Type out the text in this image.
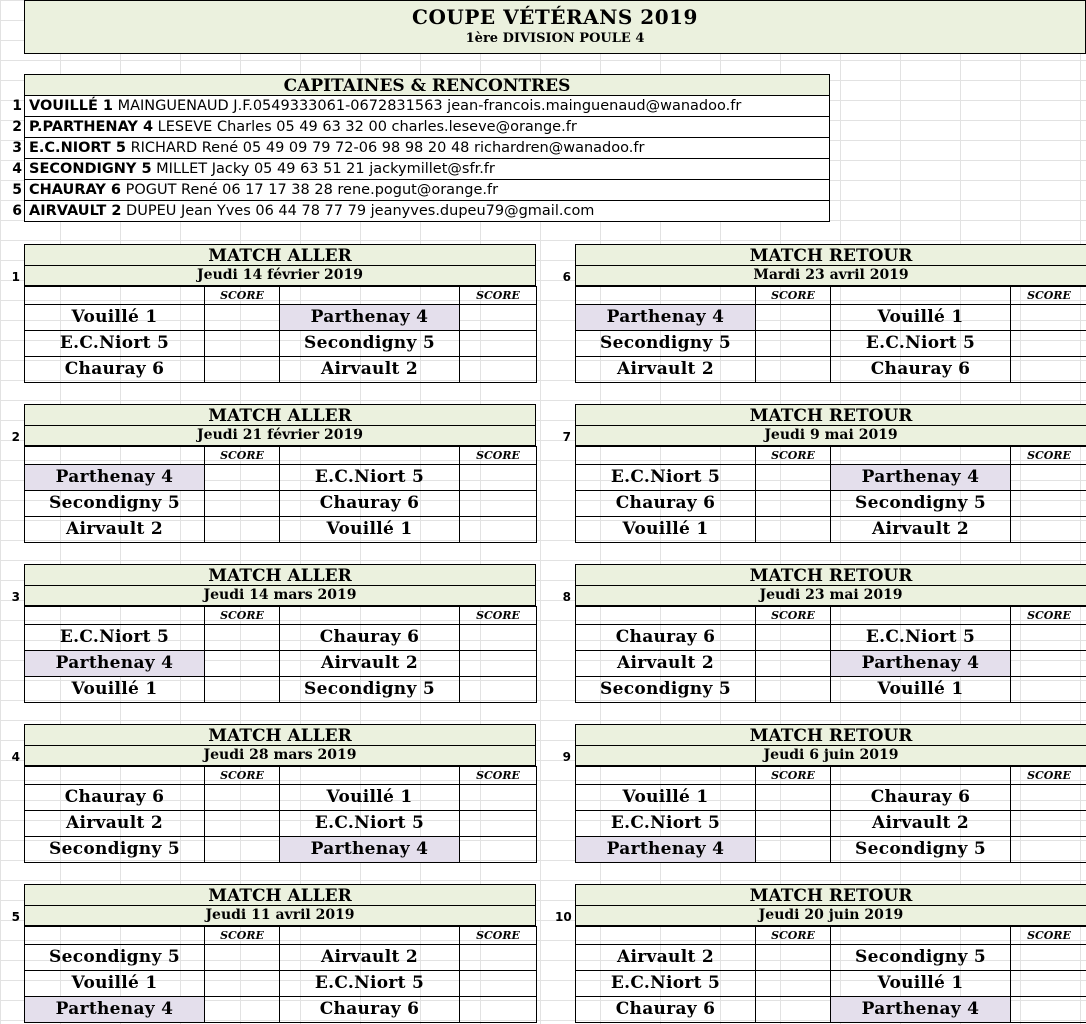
COUPE VÉTÉRANS 2019
1ère DIVISION POULE 4
CAPITAINES & RENCONTRES
1 VOUILLÉ 1 MAINGUENAUD J.F.0549333061-0672831563 jean-francois.mainguenaud@wanadoo.fr
2 P.PARTHENAY 4 LESEVE Charles 05 49 63 32 00 charles.leseve@orange.fr
3 E.C.NIORT 5 RICHARD René 05 49 09 79 72-06 98 98 20 48 richardren@wanadoo.fr
4 SECONDIGNY 5 MILLET Jacky 05 49 63 51 21 jackymillet@sfr.fr
5 CHAURAY 6 POGUT René 06 17 17 38 28 rene.pogut@orange.fr
6 AIRVAULT 2 DUPEU Jean Yves 06 44 78 77 79 jeanyves.dupeu79@gmail.com
1
MATCH ALLER
Jeudi 14 février 2019
	SCORE		SCORE
Vouillé 1		Parthenay 4	
E.C.Niort 5		Secondigny 5	
Chauray 6		Airvault 2	
6
MATCH RETOUR
Mardi 23 avril 2019
	SCORE		SCORE
Parthenay 4		Vouillé 1	
Secondigny 5		E.C.Niort 5	
Airvault 2		Chauray 6	
2
MATCH ALLER
Jeudi 21 février 2019
	SCORE		SCORE
Parthenay 4		E.C.Niort 5	
Secondigny 5		Chauray 6	
Airvault 2		Vouillé 1	
7
MATCH RETOUR
Jeudi 9 mai 2019
	SCORE		SCORE
E.C.Niort 5		Parthenay 4	
Chauray 6		Secondigny 5	
Vouillé 1		Airvault 2	
3
MATCH ALLER
Jeudi 14 mars 2019
	SCORE		SCORE
E.C.Niort 5		Chauray 6	
Parthenay 4		Airvault 2	
Vouillé 1		Secondigny 5	
8
MATCH RETOUR
Jeudi 23 mai 2019
	SCORE		SCORE
Chauray 6		E.C.Niort 5	
Airvault 2		Parthenay 4	
Secondigny 5		Vouillé 1	
4
MATCH ALLER
Jeudi 28 mars 2019
	SCORE		SCORE
Chauray 6		Vouillé 1	
Airvault 2		E.C.Niort 5	
Secondigny 5		Parthenay 4	
9
MATCH RETOUR
Jeudi 6 juin 2019
	SCORE		SCORE
Vouillé 1		Chauray 6	
E.C.Niort 5		Airvault 2	
Parthenay 4		Secondigny 5	
5
MATCH ALLER
Jeudi 11 avril 2019
	SCORE		SCORE
Secondigny 5		Airvault 2	
Vouillé 1		E.C.Niort 5	
Parthenay 4		Chauray 6	
10
MATCH RETOUR
Jeudi 20 juin 2019
	SCORE		SCORE
Airvault 2		Secondigny 5	
E.C.Niort 5		Vouillé 1	
Chauray 6		Parthenay 4	
